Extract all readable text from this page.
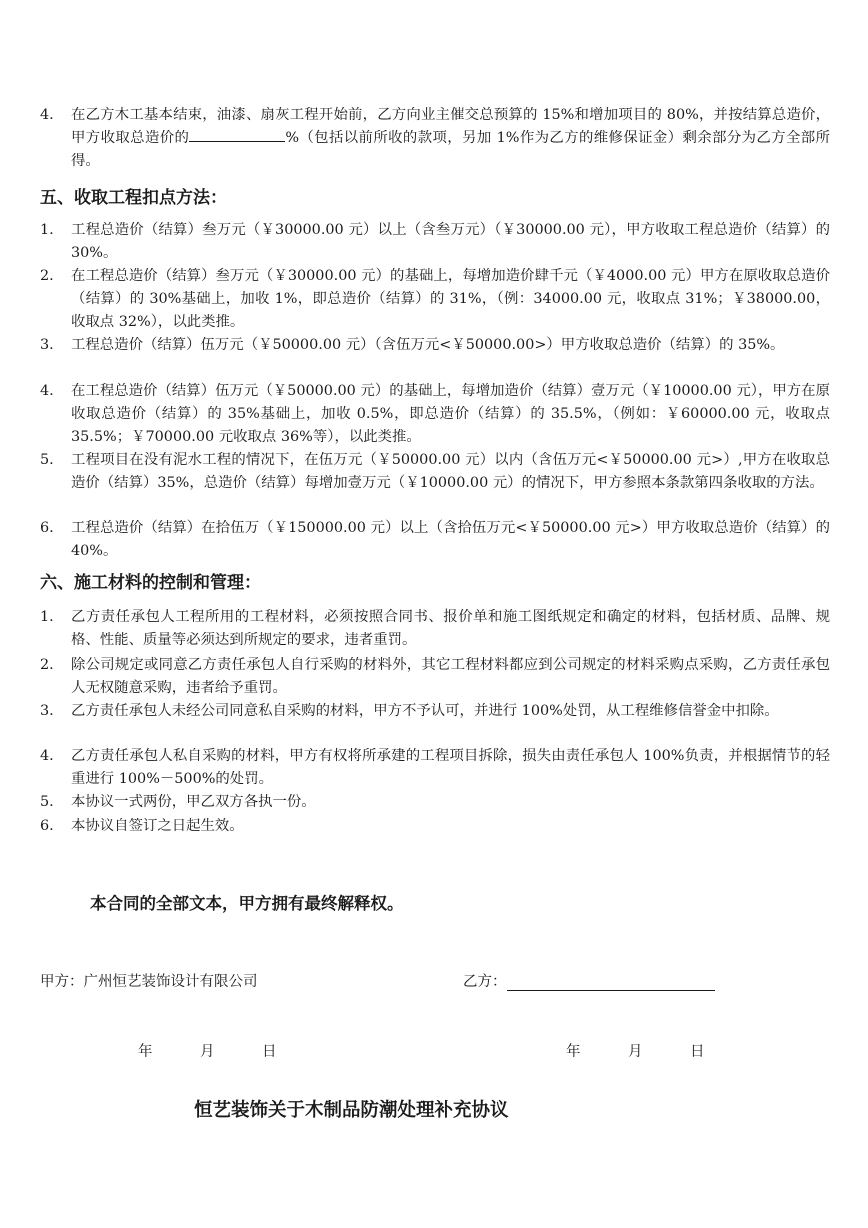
4. 在乙方木工基本结束，油漆、扇灰工程开始前，乙方向业主催交总预算的 15%和增加项目的 80%，并按结算总造价，甲方收取总造价的	%（包括以前所收的款项，另加 1%作为乙方的维修保证金）剩余部分为乙方全部所得。
五、收取工程扣点方法：
1. 工程总造价（结算）叁万元（￥30000.00 元）以上（含叁万元）（￥30000.00 元），甲方收取工程总造价（结算）的 30%。
2. 在工程总造价（结算）叁万元（￥30000.00 元）的基础上，每增加造价肆千元（￥4000.00 元）甲方在原收取总造价（结算）的 30%基础上，加收 1%，即总造价（结算）的 31%，（例：34000.00 元，收取点 31%；￥38000.00，收取点 32%），以此类推。
3. 工程总造价（结算）伍万元（￥50000.00 元）（含伍万元<￥50000.00>）甲方收取总造价（结算）的 35%。
4. 在工程总造价（结算）伍万元（￥50000.00 元）的基础上，每增加造价（结算）壹万元（￥10000.00 元），甲方在原收取总造价（结算）的 35%基础上，加收 0.5%，即总造价（结算）的 35.5%，（例如：￥60000.00 元，收取点 35.5%；￥70000.00 元收取点 36%等），以此类推。
5. 工程项目在没有泥水工程的情况下，在伍万元（￥50000.00 元）以内（含伍万元<￥50000.00 元>）,甲方在收取总造价（结算）35%，总造价（结算）每增加壹万元（￥10000.00 元）的情况下，甲方参照本条款第四条收取的方法。
6. 工程总造价（结算）在拾伍万（￥150000.00 元）以上（含拾伍万元<￥50000.00 元>）甲方收取总造价（结算）的 40%。
六、施工材料的控制和管理：
1. 乙方责任承包人工程所用的工程材料，必须按照合同书、报价单和施工图纸规定和确定的材料，包括材质、品牌、规格、性能、质量等必须达到所规定的要求，违者重罚。
2. 除公司规定或同意乙方责任承包人自行采购的材料外，其它工程材料都应到公司规定的材料采购点采购，乙方责任承包人无权随意采购，违者给予重罚。
3. 乙方责任承包人未经公司同意私自采购的材料，甲方不予认可，并进行 100%处罚，从工程维修信誉金中扣除。
4. 乙方责任承包人私自采购的材料，甲方有权将所承建的工程项目拆除，损失由责任承包人 100%负责，并根据情节的轻重进行 100%－500%的处罚。
5. 本协议一式两份，甲乙双方各执一份。
6. 本协议自签订之日起生效。
本合同的全部文本，甲方拥有最终解释权。
甲方：广州恒艺装饰设计有限公司	乙方：
年	月	日	年	月	日
恒艺装饰关于木制品防潮处理补充协议
